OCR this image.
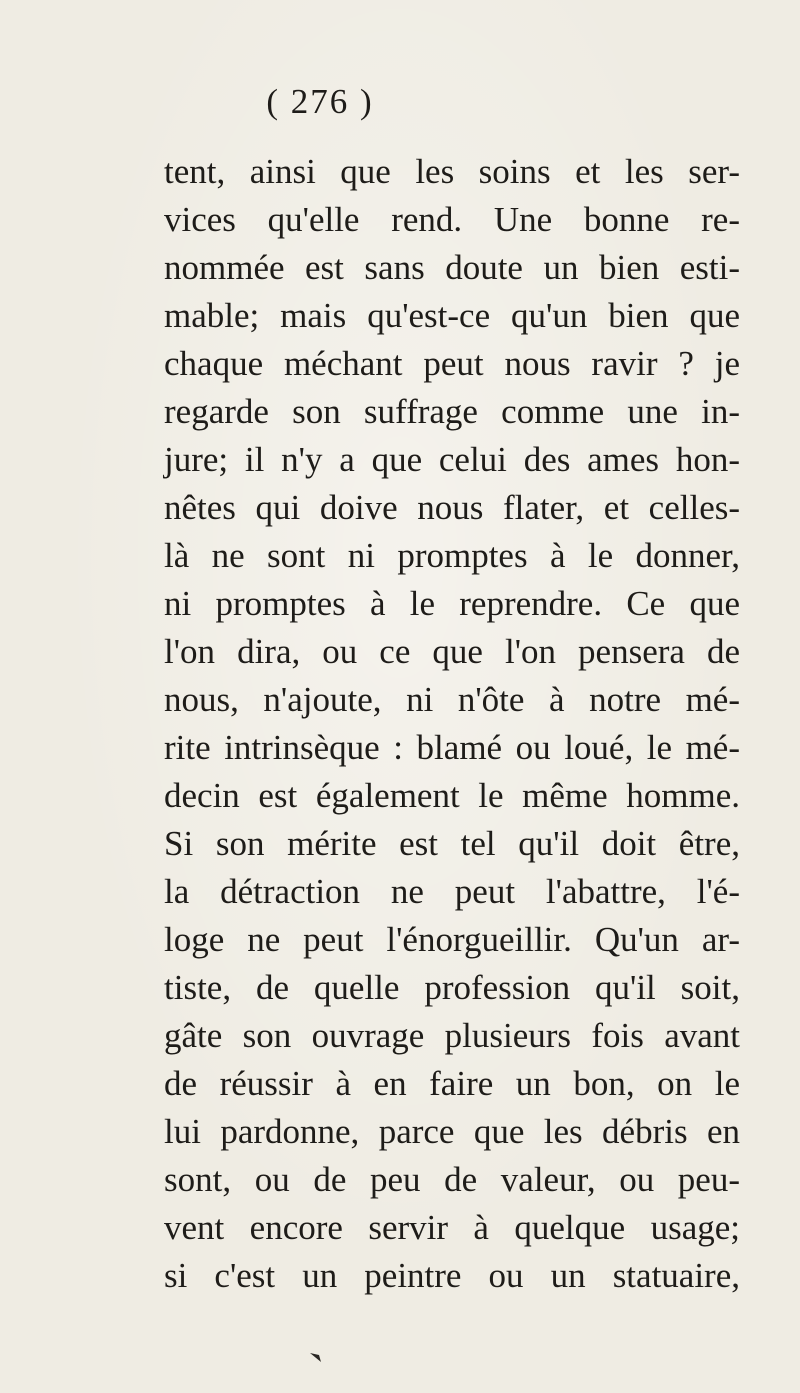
( 276 )
tent, ainsi que les soins et les ser-
vices qu'elle rend. Une bonne re-
nommée est sans doute un bien esti-
mable; mais qu'est-ce qu'un bien que
chaque méchant peut nous ravir ? je
regarde son suffrage comme une in-
jure; il n'y a que celui des ames hon-
nêtes qui doive nous flater, et celles-
là ne sont ni promptes à le donner,
ni promptes à le reprendre. Ce que
l'on dira, ou ce que l'on pensera de
nous, n'ajoute, ni n'ôte à notre mé-
rite intrinsèque : blamé ou loué, le mé-
decin est également le même homme.
Si son mérite est tel qu'il doit être,
la détraction ne peut l'abattre, l'é-
loge ne peut l'énorgueillir. Qu'un ar-
tiste, de quelle profession qu'il soit,
gâte son ouvrage plusieurs fois avant
de réussir à en faire un bon, on le
lui pardonne, parce que les débris en
sont, ou de peu de valeur, ou peu-
vent encore servir à quelque usage;
si c'est un peintre ou un statuaire,
